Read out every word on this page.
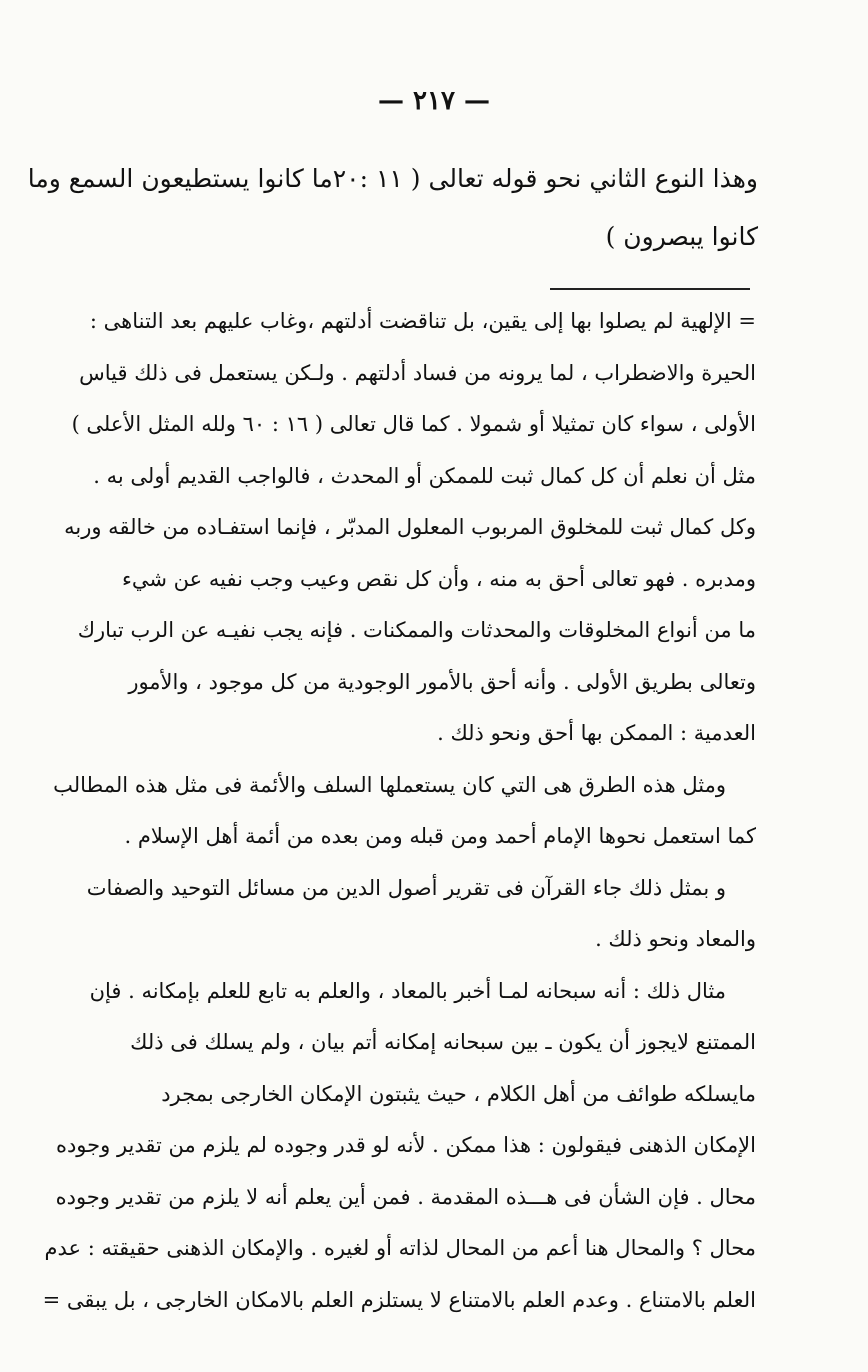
— ٢١٧ —
وهذا النوع الثاني نحو قوله تعالى ( ١١ :٢٠ما كانوا يستطيعون السمع وما
كانوا يبصرون )
= الإلهية لم يصلوا بها إلى يقين، بل تناقضت أدلتهم ،وغاب عليهم بعد التناهى :
الحيرة والاضطراب ، لما يرونه من فساد أدلتهم . ولـكن يستعمل فى ذلك قياس
الأولى ، سواء كان تمثيلا أو شمولا . كما قال تعالى ( ١٦ : ٦٠ ولله المثل الأعلى )
مثل أن نعلم أن كل كمال ثبت للممكن أو المحدث ، فالواجب القديم أولى به .
وكل كمال ثبت للمخلوق المربوب المعلول المدبّر ، فإنما استفـاده من خالقه وربه
ومدبره . فهو تعالى أحق به منه ، وأن كل نقص وعيب وجب نفيه عن شيء
ما من أنواع المخلوقات والمحدثات والممكنات . فإنه يجب نفيـه عن الرب تبارك
وتعالى بطريق الأولى . وأنه أحق بالأمور الوجودية من كل موجود ، والأمور
العدمية : الممكن بها أحق ونحو ذلك .
ومثل هذه الطرق هى التي كان يستعملها السلف والأئمة فى مثل هذه المطالب
كما استعمل نحوها الإمام أحمد ومن قبله ومن بعده من أئمة أهل الإسلام .
و بمثل ذلك جاء القرآن فى تقرير أصول الدين من مسائل التوحيد والصفات
والمعاد ونحو ذلك .
مثال ذلك : أنه سبحانه لمـا أخبر بالمعاد ، والعلم به تابع للعلم بإمكانه . فإن
الممتنع لايجوز أن يكون ـ بين سبحانه إمكانه أتم بيان ، ولم يسلك فى ذلك
مايسلكه طوائف من أهل الكلام ، حيث يثبتون الإمكان الخارجى بمجرد
الإمكان الذهنى فيقولون : هذا ممكن . لأنه لو قدر وجوده لم يلزم من تقدير وجوده
محال . فإن الشأن فى هـــذه المقدمة . فمن أين يعلم أنه لا يلزم من تقدير وجوده
محال ؟ والمحال هنا أعم من المحال لذاته أو لغيره . والإمكان الذهنى حقيقته : عدم
العلم بالامتناع . وعدم العلم بالامتناع لا يستلزم العلم بالامكان الخارجى ، بل يبقى =
